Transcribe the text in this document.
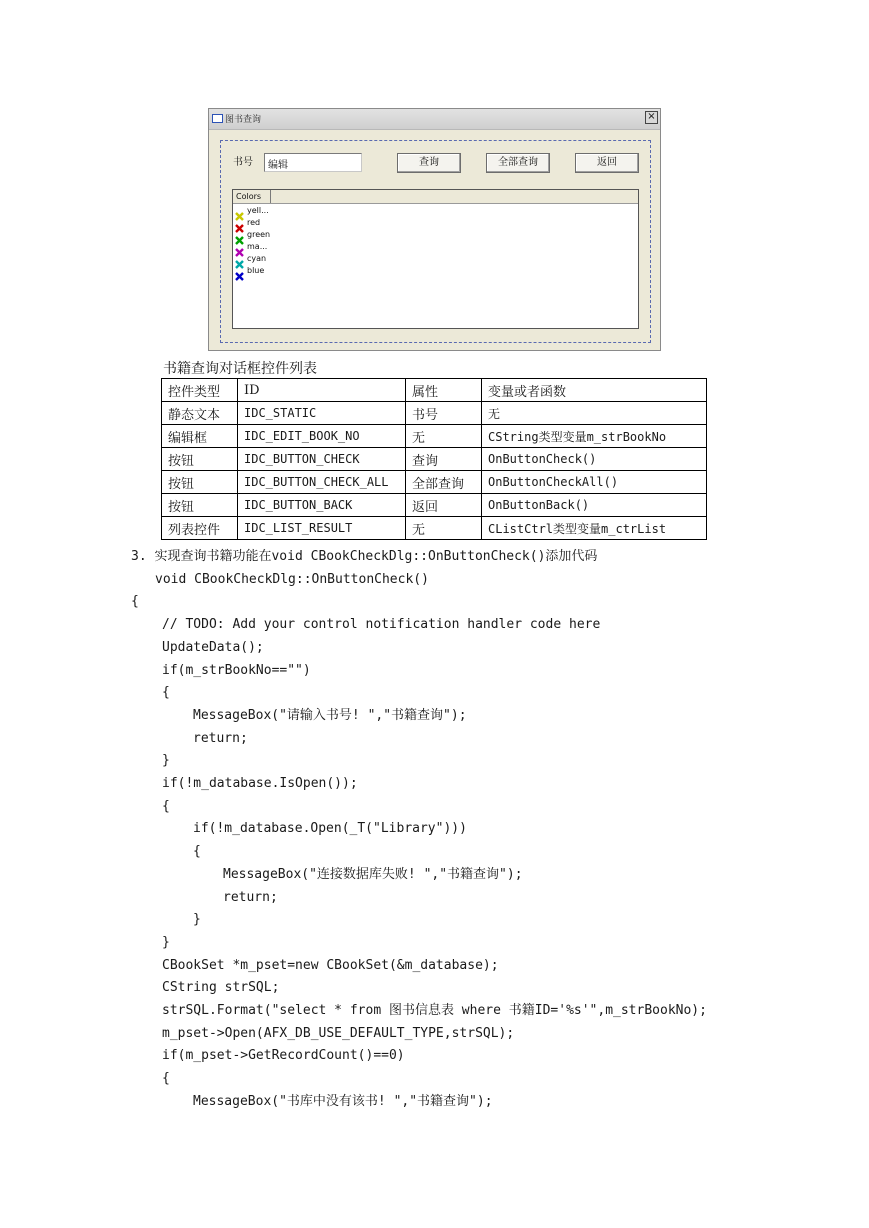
图书查询	×
书号	编辑	查询	全部查询	返回
Colors
yell...
red
green
ma...
cyan
blue
书籍查询对话框控件列表
控件类型	ID	属性	变量或者函数
静态文本	IDC_STATIC	书号	无
编辑框	IDC_EDIT_BOOK_NO	无	CString类型变量m_strBookNo
按钮	IDC_BUTTON_CHECK	查询	OnButtonCheck()
按钮	IDC_BUTTON_CHECK_ALL	全部查询	OnButtonCheckAll()
按钮	IDC_BUTTON_BACK	返回	OnButtonBack()
列表控件	IDC_LIST_RESULT	无	CListCtrl类型变量m_ctrList
3. 实现查询书籍功能在void CBookCheckDlg::OnButtonCheck()添加代码
void CBookCheckDlg::OnButtonCheck()
{
// TODO: Add your control notification handler code here
UpdateData();
if(m_strBookNo=="")
{
MessageBox("请输入书号! ","书籍查询");
return;
}
if(!m_database.IsOpen());
{
if(!m_database.Open(_T("Library")))
{
MessageBox("连接数据库失败! ","书籍查询");
return;
}
}
CBookSet *m_pset=new CBookSet(&m_database);
CString strSQL;
strSQL.Format("select * from 图书信息表 where 书籍ID='%s'",m_strBookNo);
m_pset->Open(AFX_DB_USE_DEFAULT_TYPE,strSQL);
if(m_pset->GetRecordCount()==0)
{
MessageBox("书库中没有该书! ","书籍查询");
